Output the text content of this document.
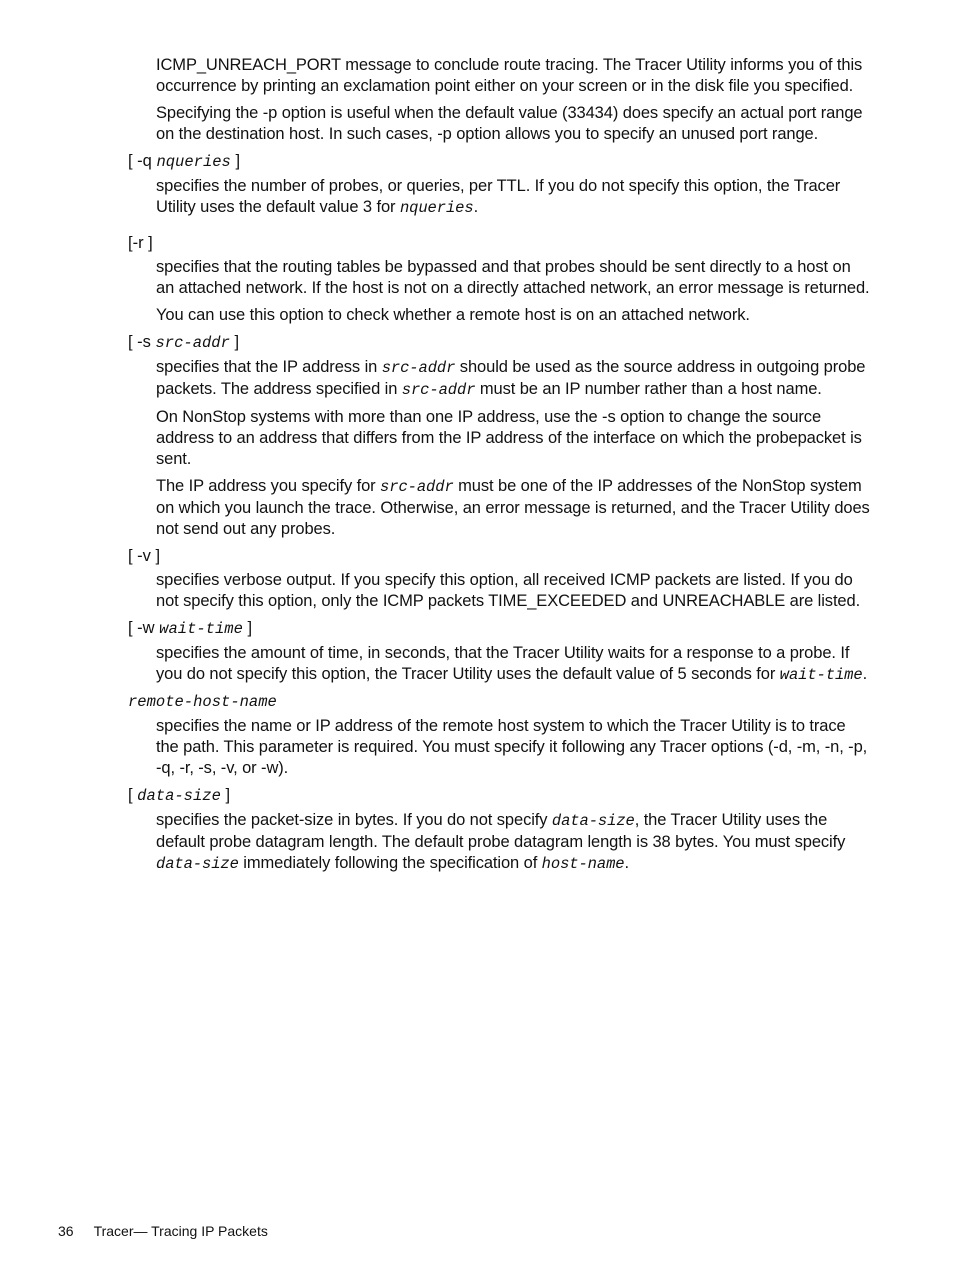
ICMP_UNREACH_PORT message to conclude route tracing. The Tracer Utility informs you of this occurrence by printing an exclamation point either on your screen or in the disk file you specified.

Specifying the -p option is useful when the default value (33434) does specify an actual port range on the destination host. In such cases, -p option allows you to specify an unused port range.

[ -q nqueries ]

specifies the number of probes, or queries, per TTL. If you do not specify this option, the Tracer Utility uses the default value 3 for nqueries.

[-r ]

specifies that the routing tables be bypassed and that probes should be sent directly to a host on an attached network. If the host is not on a directly attached network, an error message is returned.

You can use this option to check whether a remote host is on an attached network.

[ -s src-addr ]

specifies that the IP address in src-addr should be used as the source address in outgoing probe packets. The address specified in src-addr must be an IP number rather than a host name.

On NonStop systems with more than one IP address, use the -s option to change the source address to an address that differs from the IP address of the interface on which the probepacket is sent.

The IP address you specify for src-addr must be one of the IP addresses of the NonStop system on which you launch the trace. Otherwise, an error message is returned, and the Tracer Utility does not send out any probes.

[ -v ]

specifies verbose output. If you specify this option, all received ICMP packets are listed. If you do not specify this option, only the ICMP packets TIME_EXCEEDED and UNREACHABLE are listed.

[ -w wait-time ]

specifies the amount of time, in seconds, that the Tracer Utility waits for a response to a probe. If you do not specify this option, the Tracer Utility uses the default value of 5 seconds for wait-time.

remote-host-name

specifies the name or IP address of the remote host system to which the Tracer Utility is to trace the path. This parameter is required. You must specify it following any Tracer options (-d, -m, -n, -p, -q, -r, -s, -v, or -w).

[ data-size ]

specifies the packet-size in bytes. If you do not specify data-size, the Tracer Utility uses the default probe datagram length. The default probe datagram length is 38 bytes. You must specify data-size immediately following the specification of host-name.

36 Tracer— Tracing IP Packets
